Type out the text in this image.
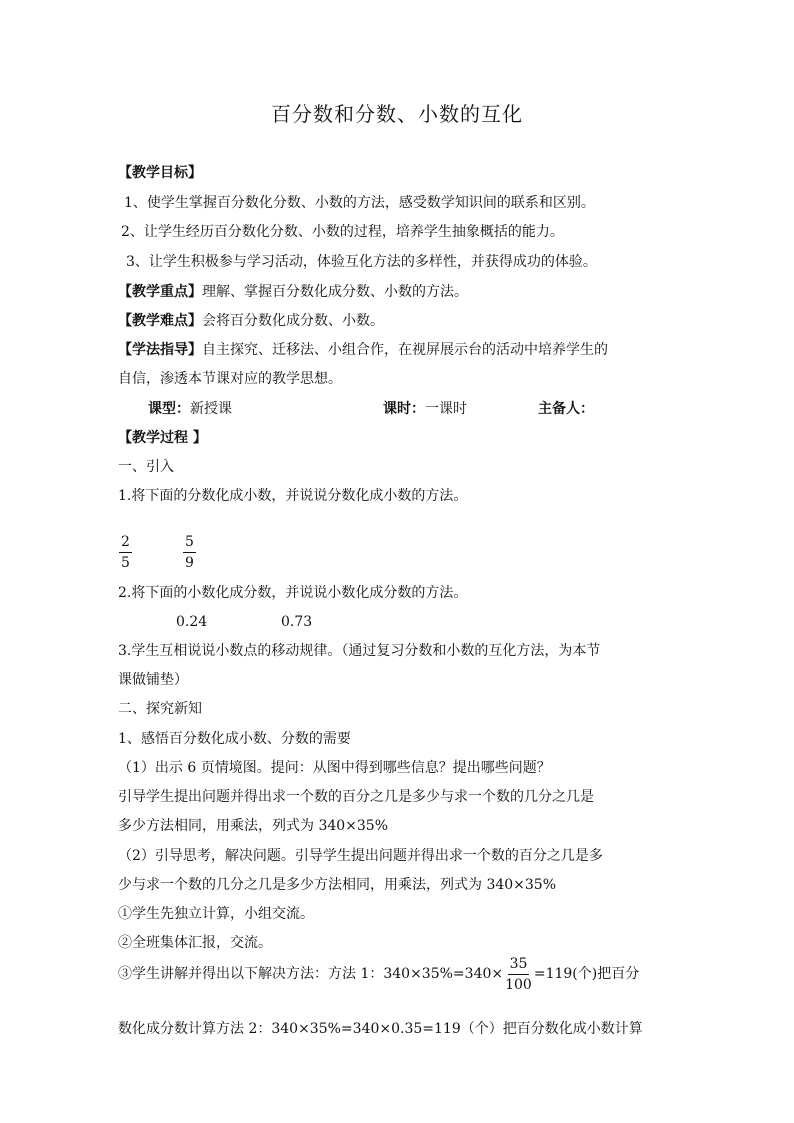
百分数和分数、小数的互化
【教学目标】
1、使学生掌握百分数化分数、小数的方法，感受数学知识间的联系和区别。
2、让学生经历百分数化分数、小数的过程，培养学生抽象概括的能力。
3、让学生积极参与学习活动，体验互化方法的多样性，并获得成功的体验。
【教学重点】理解、掌握百分数化成分数、小数的方法。
【教学难点】会将百分数化成分数、小数。
【学法指导】自主探究、迁移法、小组合作，在视屏展示台的活动中培养学生的
自信，渗透本节课对应的教学思想。
课型：新授课	课时：一课时	主备人：
【教学过程 】
一、引入
1.将下面的分数化成小数，并说说分数化成小数的方法。
$\frac{2}{5}$	$\frac{5}{9}$
2.将下面的小数化成分数，并说说小数化成分数的方法。
0.24	0.73
3.学生互相说说小数点的移动规律。（通过复习分数和小数的互化方法，为本节
课做铺垫）
二、探究新知
1、感悟百分数化成小数、分数的需要
（1）出示 6 页情境图。提问：从图中得到哪些信息？提出哪些问题？
引导学生提出问题并得出求一个数的百分之几是多少与求一个数的几分之几是
多少方法相同，用乘法，列式为 340×35%
（2）引导思考，解决问题。引导学生提出问题并得出求一个数的百分之几是多
少与求一个数的几分之几是多少方法相同，用乘法，列式为 340×35%
①学生先独立计算，小组交流。
②全班集体汇报，交流。
③学生讲解并得出以下解决方法：方法 1：$340\times 35\%=340\times \frac{35}{100} =119$(个)把百分
数化成分数计算方法 2：340×35%=340×0.35=119（个）把百分数化成小数计算
